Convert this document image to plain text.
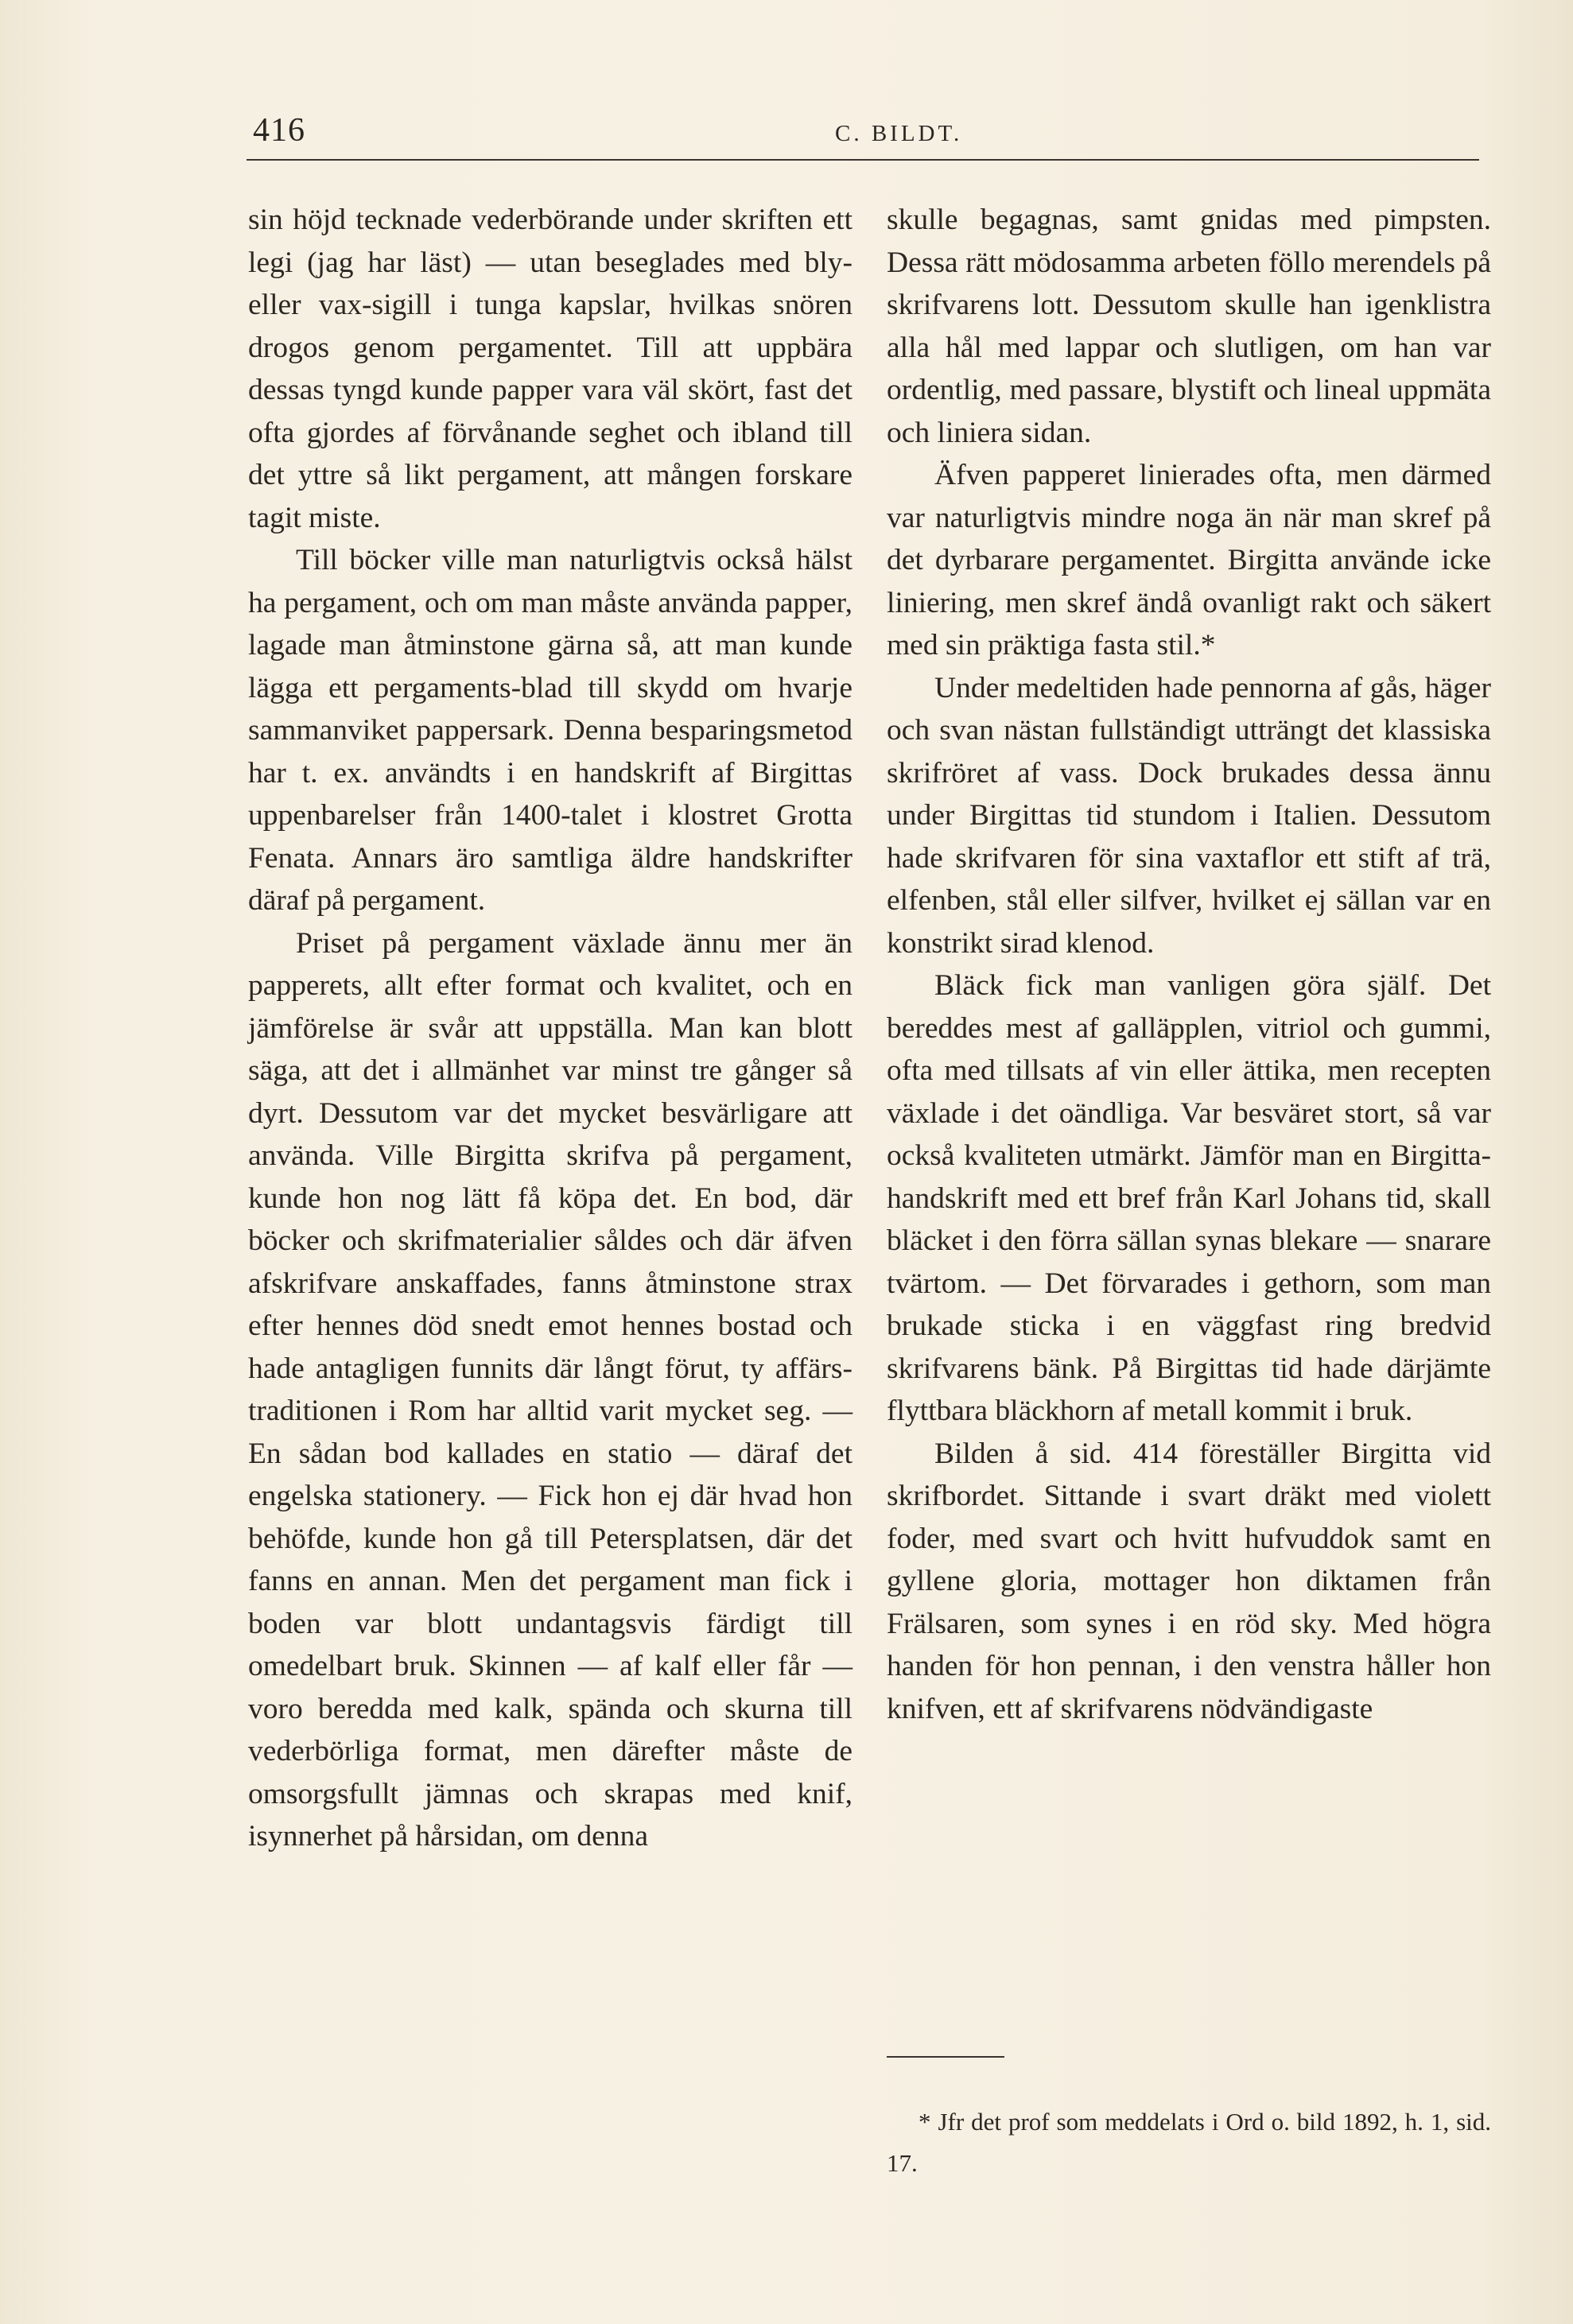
416	C. BILDT.

sin höjd tecknade vederbörande under skriften ett legi (jag har läst) — utan beseglades med bly- eller vax-sigill i tunga kapslar, hvilkas snören drogos genom pergamentet. Till att uppbära dessas tyngd kunde papper vara väl skört, fast det ofta gjordes af förvånande seghet och ibland till det yttre så likt pergament, att mången forskare tagit miste.

Till böcker ville man naturligtvis också hälst ha pergament, och om man måste använda papper, lagade man åtminstone gärna så, att man kunde lägga ett pergaments-blad till skydd om hvarje sammanviket pappersark. Denna besparingsmetod har t. ex. användts i en handskrift af Birgittas uppenbarelser från 1400-talet i klostret Grotta Fenata. Annars äro samtliga äldre handskrifter däraf på pergament.

Priset på pergament växlade ännu mer än papperets, allt efter format och kvalitet, och en jämförelse är svår att uppställa. Man kan blott säga, att det i allmänhet var minst tre gånger så dyrt. Dessutom var det mycket besvärligare att använda. Ville Birgitta skrifva på pergament, kunde hon nog lätt få köpa det. En bod, där böcker och skrifmaterialier såldes och där äfven afskrifvare anskaffades, fanns åtminstone strax efter hennes död snedt emot hennes bostad och hade antagligen funnits där långt förut, ty affärs-traditionen i Rom har alltid varit mycket seg. — En sådan bod kallades en statio — däraf det engelska stationery. — Fick hon ej där hvad hon behöfde, kunde hon gå till Petersplatsen, där det fanns en annan. Men det pergament man fick i boden var blott undantagsvis färdigt till omedelbart bruk. Skinnen — af kalf eller får — voro beredda med kalk, spända och skurna till vederbörliga format, men därefter måste de omsorgsfullt jämnas och skrapas med knif, isynnerhet på hårsidan, om denna

skulle begagnas, samt gnidas med pimpsten. Dessa rätt mödosamma arbeten föllo merendels på skrifvarens lott. Dessutom skulle han igenklistra alla hål med lappar och slutligen, om han var ordentlig, med passare, blystift och lineal uppmäta och liniera sidan.

Äfven papperet linierades ofta, men därmed var naturligtvis mindre noga än när man skref på det dyrbarare pergamentet. Birgitta använde icke liniering, men skref ändå ovanligt rakt och säkert med sin präktiga fasta stil.*

Under medeltiden hade pennorna af gås, häger och svan nästan fullständigt utträngt det klassiska skrifröret af vass. Dock brukades dessa ännu under Birgittas tid stundom i Italien. Dessutom hade skrifvaren för sina vaxtaflor ett stift af trä, elfenben, stål eller silfver, hvilket ej sällan var en konstrikt sirad klenod.

Bläck fick man vanligen göra själf. Det bereddes mest af galläpplen, vitriol och gummi, ofta med tillsats af vin eller ättika, men recepten växlade i det oändliga. Var besväret stort, så var också kvaliteten utmärkt. Jämför man en Birgitta-handskrift med ett bref från Karl Johans tid, skall bläcket i den förra sällan synas blekare — snarare tvärtom. — Det förvarades i gethorn, som man brukade sticka i en väggfast ring bredvid skrifvarens bänk. På Birgittas tid hade därjämte flyttbara bläckhorn af metall kommit i bruk.

Bilden å sid. 414 föreställer Birgitta vid skrifbordet. Sittande i svart dräkt med violett foder, med svart och hvitt hufvuddok samt en gyllene gloria, mottager hon diktamen från Frälsaren, som synes i en röd sky. Med högra handen för hon pennan, i den venstra håller hon knifven, ett af skrifvarens nödvändigaste

* Jfr det prof som meddelats i Ord o. bild 1892, h. 1, sid. 17.
